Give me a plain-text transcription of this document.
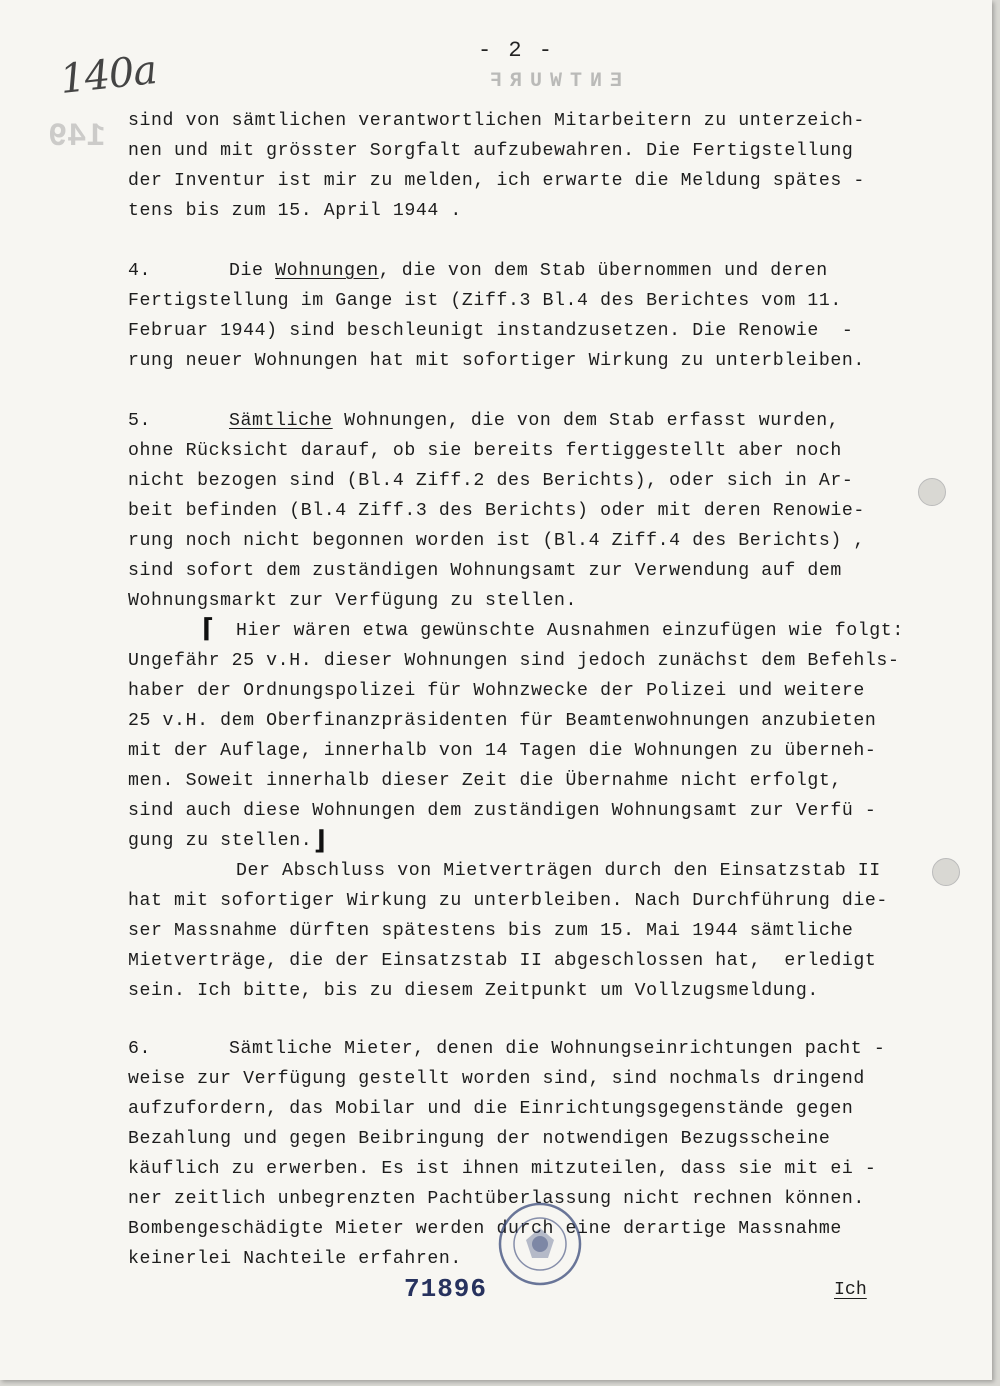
- 2 -
140a	ENTWURF
149 sind von sämtlichen verantwortlichen Mitarbeitern zu unterzeich-
nen und mit grösster Sorgfalt aufzubewahren. Die Fertigstellung
der Inventur ist mir zu melden, ich erwarte die Meldung spätes -
tens bis zum 15. April 1944 .
4.	Die Wohnungen, die von dem Stab übernommen und deren
Fertigstellung im Gange ist (Ziff.3 Bl.4 des Berichtes vom 11.
Februar 1944) sind beschleunigt instandzusetzen. Die Renowie  -
rung neuer Wohnungen hat mit sofortiger Wirkung zu unterbleiben.
5.	Sämtliche Wohnungen, die von dem Stab erfasst wurden,
ohne Rücksicht darauf, ob sie bereits fertiggestellt aber noch
nicht bezogen sind (Bl.4 Ziff.2 des Berichts), oder sich in Ar-
beit befinden (Bl.4 Ziff.3 des Berichts) oder mit deren Renowie-
rung noch nicht begonnen worden ist (Bl.4 Ziff.4 des Berichts) ,
sind sofort dem zuständigen Wohnungsamt zur Verwendung auf dem
Wohnungsmarkt zur Verfügung zu stellen.
⌈ Hier wären etwa gewünschte Ausnahmen einzufügen wie folgt:
Ungefähr 25 v.H. dieser Wohnungen sind jedoch zunächst dem Befehls-
haber der Ordnungspolizei für Wohnzwecke der Polizei und weitere
25 v.H. dem Oberfinanzpräsidenten für Beamtenwohnungen anzubieten
mit der Auflage, innerhalb von 14 Tagen die Wohnungen zu überneh-
men. Soweit innerhalb dieser Zeit die Übernahme nicht erfolgt,
sind auch diese Wohnungen dem zuständigen Wohnungsamt zur Verfü -
gung zu stellen. ⌋
Der Abschluss von Mietverträgen durch den Einsatzstab II
hat mit sofortiger Wirkung zu unterbleiben. Nach Durchführung die-
ser Massnahme dürften spätestens bis zum 15. Mai 1944 sämtliche
Mietverträge, die der Einsatzstab II abgeschlossen hat,  erledigt
sein. Ich bitte, bis zu diesem Zeitpunkt um Vollzugsmeldung.
6.	Sämtliche Mieter, denen die Wohnungseinrichtungen pacht -
weise zur Verfügung gestellt worden sind, sind nochmals dringend
aufzufordern, das Mobilar und die Einrichtungsgegenstände gegen
Bezahlung und gegen Beibringung der notwendigen Bezugsscheine
käuflich zu erwerben. Es ist ihnen mitzuteilen, dass sie mit ei -
ner zeitlich unbegrenzten Pachtüberlassung nicht rechnen können.
Bombengeschädigte Mieter werden durch eine derartige Massnahme
keinerlei Nachteile erfahren.
71896	Ich
